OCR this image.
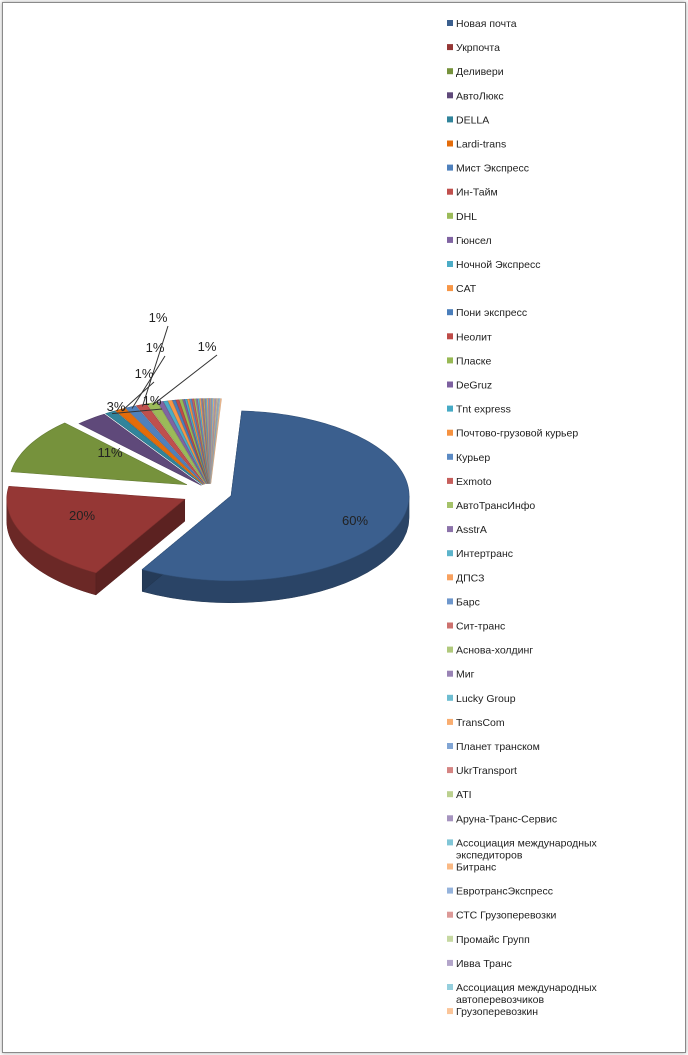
60%
20%
11%
3% 1%
1%
1%
1%
1%
Новая почта
Укрпочта
Деливери
АвтоЛюкс
DELLA
Lardi-trans
Мист Экспресс
Ин-Тайм
DHL
Гюнсел
Ночной Экспресс
CAT
Пони экспресс
Неолит
Пласке
DeGruz
Tnt express
Почтово-грузовой курьер
Курьер
Exmoto
АвтоТрансИнфо
AsstrA
Интертранс
ДПСЗ
Барс
Сит-транс
Аснова-холдинг
Миг
Lucky Group
TransCom
Планет транском
UkrTransport
ATI
Аруна-Транс-Сервис
Ассоциация международных
экспедиторов
Битранс
ЕвротрансЭкспресс
СТС Грузоперевозки
Промайс Групп
Ивва Транс
Ассоциация международных
автоперевозчиков
Грузоперевозкин
